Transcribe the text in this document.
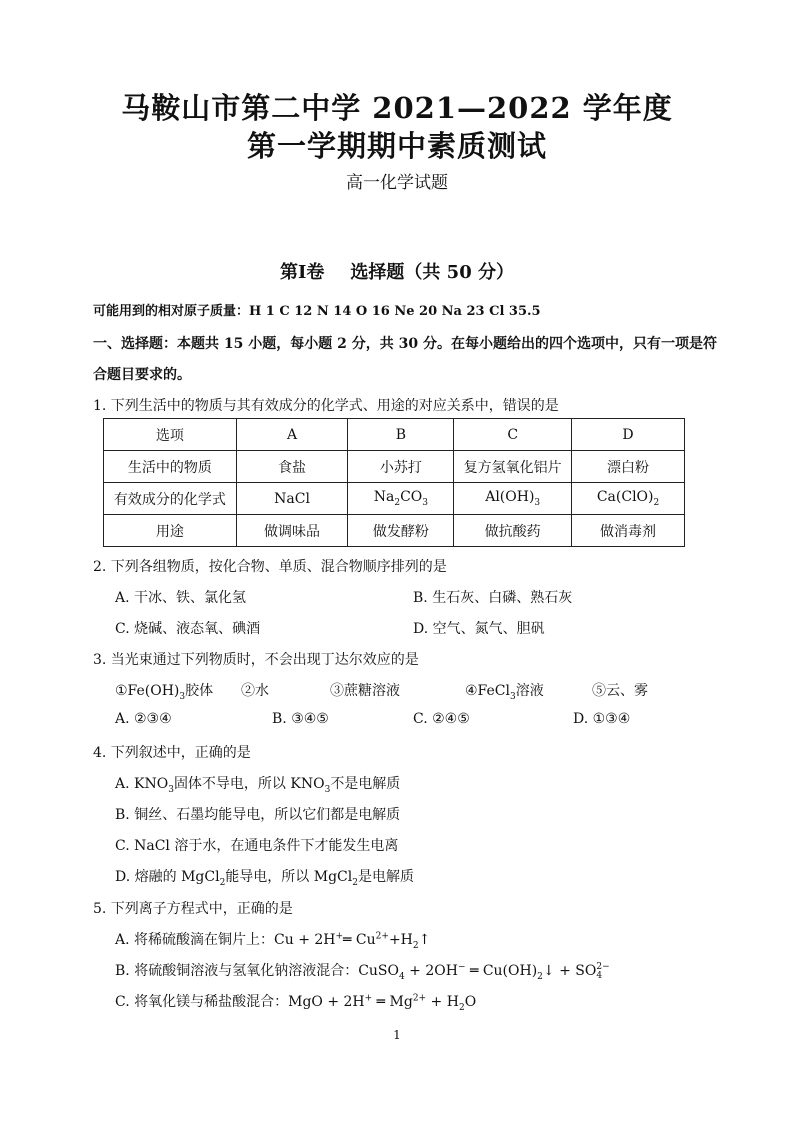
马鞍山市第二中学 2021—2022 学年度
第一学期期中素质测试
高一化学试题
第Ⅰ卷 选择题（共 50 分）
可能用到的相对原子质量：H 1 C 12 N 14 O 16 Ne 20 Na 23 Cl 35.5
一、选择题：本题共 15 小题，每小题 2 分，共 30 分。在每小题给出的四个选项中，只有一项是符
合题目要求的。
1. 下列生活中的物质与其有效成分的化学式、用途的对应关系中，错误的是
选项	A	B	C	D
生活中的物质	食盐	小苏打	复方氢氧化铝片	漂白粉
有效成分的化学式	NaCl	$Na_2CO_3$	$Al(OH)_3$	$Ca(ClO)_2$
用途	做调味品	做发酵粉	做抗酸药	做消毒剂
2. 下列各组物质，按化合物、单质、混合物顺序排列的是
A. 干冰、铁、氯化氢	B. 生石灰、白磷、熟石灰
C. 烧碱、液态氧、碘酒	D. 空气、氮气、胆矾
3. 当光束通过下列物质时，不会出现丁达尔效应的是
$①Fe(OH)_3$胶体 ②水	③蔗糖溶液	④FeCl$_3$溶液	⑤云、雾
A. ②③④	B. ③④⑤	C. ②④⑤	D. ①③④
4. 下列叙述中，正确的是
A. $KNO_3$固体不导电，所以 $KNO_3$不是电解质
B. 铜丝、石墨均能导电，所以它们都是电解质
C. NaCl 溶于水，在通电条件下才能发生电离
D. 熔融的 MgCl$_2$能导电，所以 MgCl$_2$是电解质
5. 下列离子方程式中，正确的是
A. 将稀硫酸滴在铜片上：Cu + 2H+═ $Cu^{2+}+H_2↑$
B. 将硫酸铜溶液与氢氧化钠溶液混合：CuSO$_4$ + 2OH− ═ $Cu(OH)_2↓ + SO^{2-}$
4
C. 将氧化镁与稀盐酸混合：MgO + 2H+ ═ $Mg^{2+} + H_2O$
1
